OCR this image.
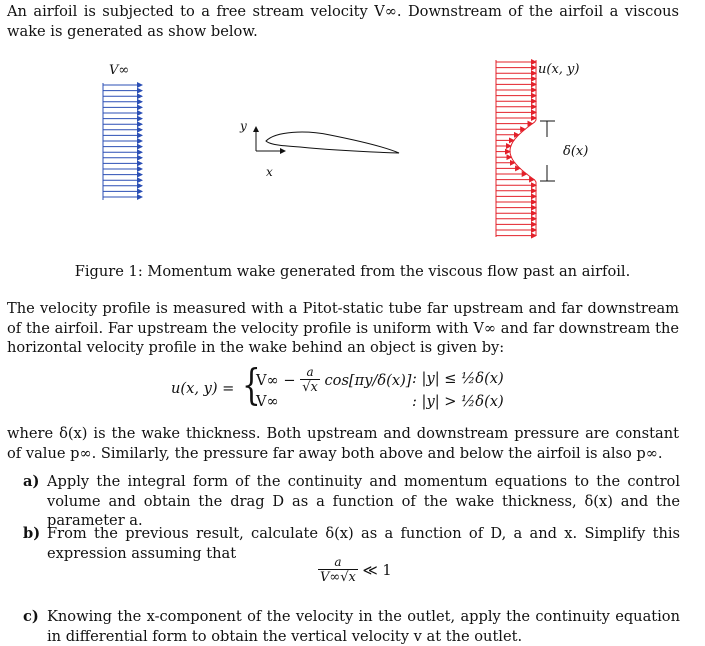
An airfoil is subjected to a free stream velocity V∞. Downstream of the airfoil a viscous wake is generated as show below.
V∞	u(x, y)
δ(x)
y
x
Figure 1: Momentum wake generated from the viscous flow past an airfoil.
The velocity profile is measured with a Pitot-static tube far upstream and far downstream of the airfoil. Far upstream the velocity profile is uniform with V∞ and far downstream the horizontal velocity profile in the wake behind an object is given by:
u(x, y) = {
$V\infty - \frac{a}{√x} \cos[\pi y/\delta(x)]$ : |y| ≤ ½δ(x)
V∞	: |y| > ½δ(x)
where δ(x) is the wake thickness. Both upstream and downstream pressure are constant of value p∞. Similarly, the pressure far away both above and below the airfoil is also p∞.
a) Apply the integral form of the continuity and momentum equations to the control volume and obtain the drag D as a function of the wake thickness, δ(x) and the parameter a.
b) From the previous result, calculate δ(x) as a function of D, a and x. Simplify this expression assuming that
$\frac{a}{V\infty√x}$ ≪ 1
c) Knowing the x-component of the velocity in the outlet, apply the continuity equation in differential form to obtain the vertical velocity v at the outlet.
